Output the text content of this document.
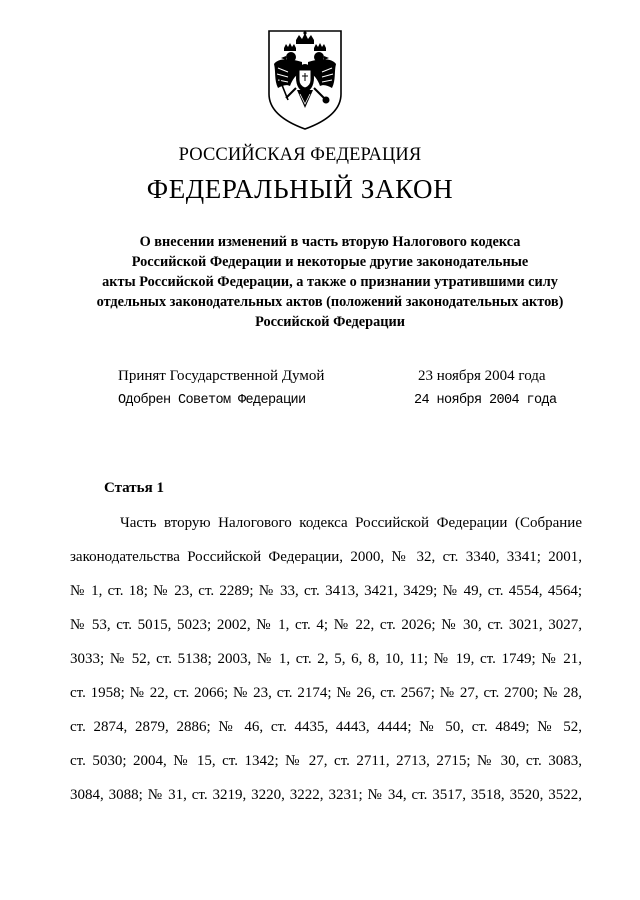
РОССИЙСКАЯ ФЕДЕРАЦИЯ
ФЕДЕРАЛЬНЫЙ ЗАКОН
О внесении изменений в часть вторую Налогового кодекса
Российской Федерации и некоторые другие законодательные
акты Российской Федерации, а также о признании утратившими силу
отдельных законодательных актов (положений законодательных актов)
Российской Федерации
Принят Государственной Думой	23 ноября 2004 года
Одобрен Советом Федерации	24 ноября 2004 года
Статья 1
Часть вторую Налогового кодекса Российской Федерации (Собрание
законодательства Российской Федерации, 2000, № 32, ст. 3340, 3341; 2001,
№ 1, ст. 18; № 23, ст. 2289; № 33, ст. 3413, 3421, 3429; № 49, ст. 4554, 4564;
№ 53, ст. 5015, 5023; 2002, № 1, ст. 4; № 22, ст. 2026; № 30, ст. 3021, 3027,
3033; № 52, ст. 5138; 2003, № 1, ст. 2, 5, 6, 8, 10, 11; № 19, ст. 1749; № 21,
ст. 1958; № 22, ст. 2066; № 23, ст. 2174; № 26, ст. 2567; № 27, ст. 2700; № 28,
ст. 2874, 2879, 2886; № 46, ст. 4435, 4443, 4444; № 50, ст. 4849; № 52,
ст. 5030; 2004, № 15, ст. 1342; № 27, ст. 2711, 2713, 2715; № 30, ст. 3083,
3084, 3088; № 31, ст. 3219, 3220, 3222, 3231; № 34, ст. 3517, 3518, 3520, 3522,
